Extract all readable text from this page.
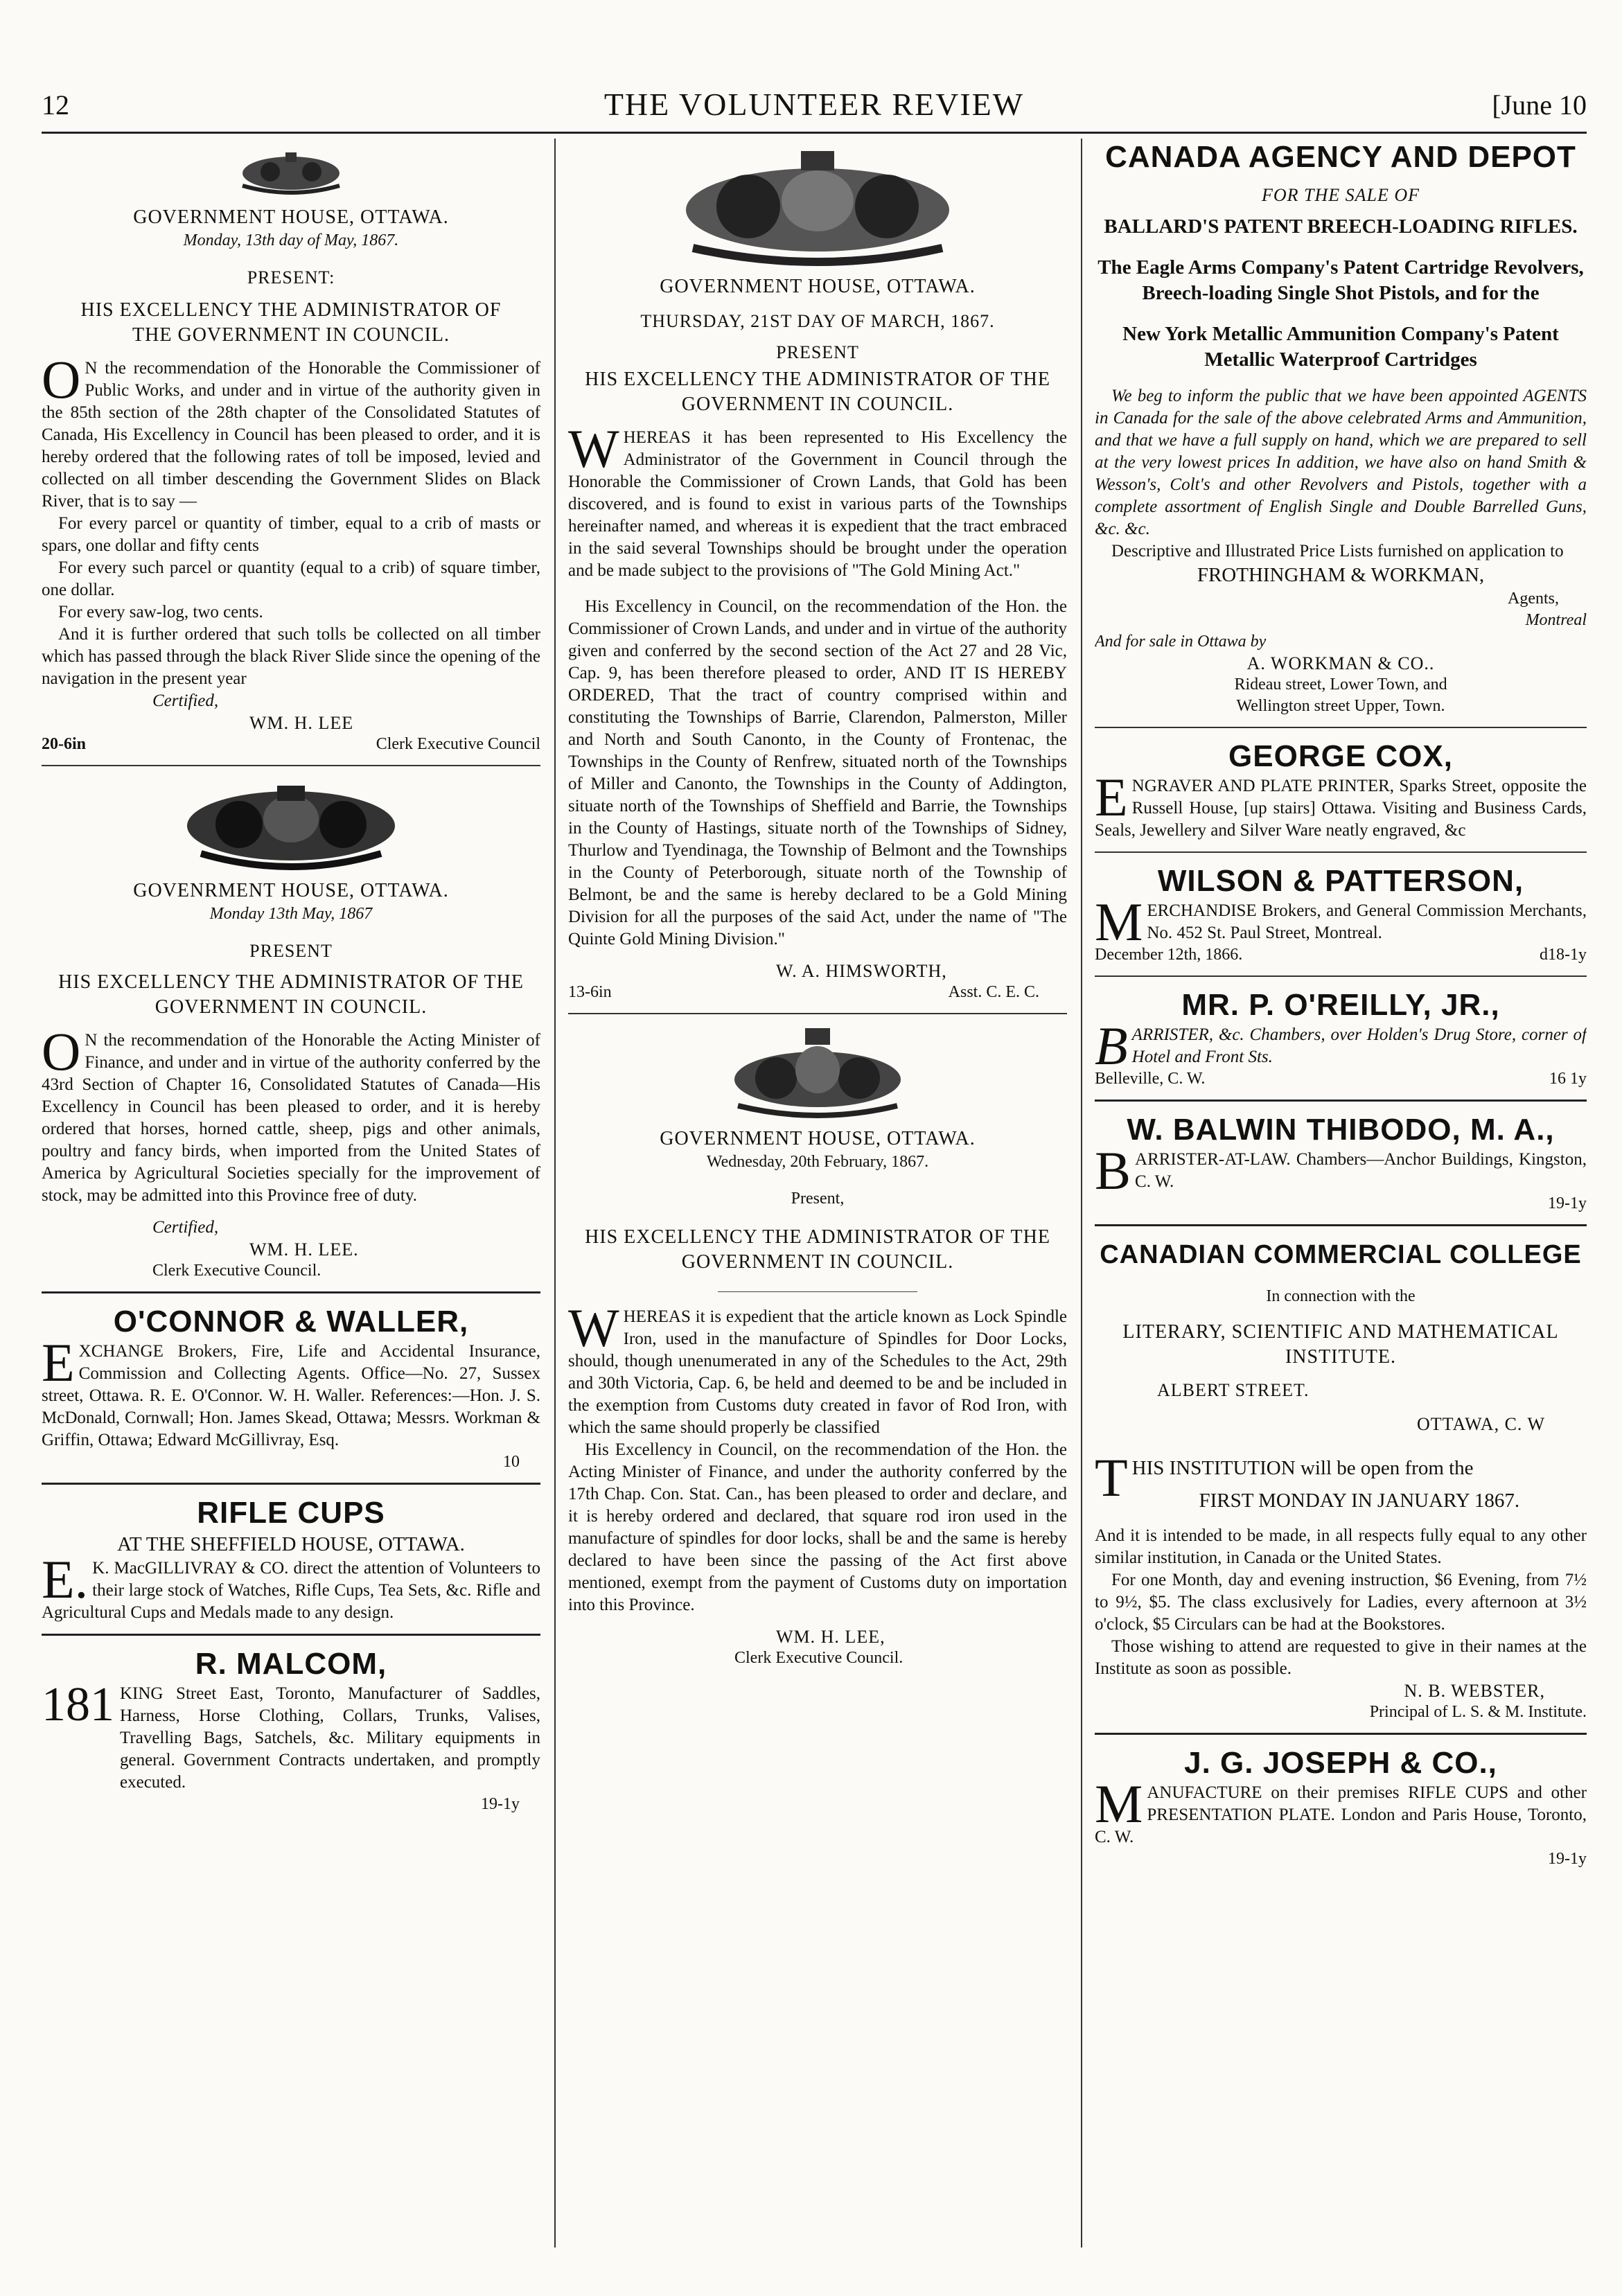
12	THE VOLUNTEER REVIEW	[June 10

GOVERNMENT HOUSE, OTTAWA.

Monday, 13th day of May, 1867.

PRESENT:

HIS EXCELLENCY THE ADMINISTRATOR OF THE GOVERNMENT IN COUNCIL.

ON the recommendation of the Honorable the Commissioner of Public Works, and under and in virtue of the authority given in the 85th section of the 28th chapter of the Consolidated Statutes of Canada, His Excellency in Council has been pleased to order, and it is hereby ordered that the following rates of toll be imposed, levied and collected on all timber descending the Government Slides on Black River, that is to say —

For every parcel or quantity of timber, equal to a crib of masts or spars, one dollar and fifty cents

For every such parcel or quantity (equal to a crib) of square timber, one dollar.

For every saw-log, two cents.

And it is further ordered that such tolls be collected on all timber which has passed through the black River Slide since the opening of the navigation in the present year

Certified,

WM. H. LEE

20-6in	Clerk Executive Council

GOVENRMENT HOUSE, OTTAWA.

Monday 13th May, 1867

PRESENT

HIS EXCELLENCY THE ADMINISTRATOR OF THE GOVERNMENT IN COUNCIL.

ON the recommendation of the Honorable the Acting Minister of Finance, and under and in virtue of the authority conferred by the 43rd Section of Chapter 16, Consolidated Statutes of Canada—His Excellency in Council has been pleased to order, and it is hereby ordered that horses, horned cattle, sheep, pigs and other animals, poultry and fancy birds, when imported from the United States of America by Agricultural Societies specially for the improvement of stock, may be admitted into this Province free of duty.

Certified,

WM. H. LEE.

Clerk Executive Council.

O'CONNOR & WALLER,

EXCHANGE Brokers, Fire, Life and Accidental Insurance, Commission and Collecting Agents. Office—No. 27, Sussex street, Ottawa. R. E. O'Connor. W. H. Waller. References:—Hon. J. S. McDonald, Cornwall; Hon. James Skead, Ottawa; Messrs. Workman & Griffin, Ottawa; Edward McGillivray, Esq.

10

RIFLE CUPS

AT THE SHEFFIELD HOUSE, OTTAWA.

E.K. MacGILLIVRAY & CO. direct the attention of Volunteers to their large stock of Watches, Rifle Cups, Tea Sets, &c. Rifle and Agricultural Cups and Medals made to any design.

R. MALCOM,

181 KING Street East, Toronto, Manufacturer of Saddles, Harness, Horse Clothing, Collars, Trunks, Valises, Travelling Bags, Satchels, &c. Military equipments in general. Government Contracts undertaken, and promptly executed.

19-1y

GOVERNMENT HOUSE, OTTAWA.

THURSDAY, 21ST DAY OF MARCH, 1867.

PRESENT

HIS EXCELLENCY THE ADMINISTRATOR OF THE GOVERNMENT IN COUNCIL.

WHEREAS it has been represented to His Excellency the Administrator of the Government in Council through the Honorable the Commissioner of Crown Lands, that Gold has been discovered, and is found to exist in various parts of the Townships hereinafter named, and whereas it is expedient that the tract embraced in the said several Townships should be brought under the operation and be made subject to the provisions of "The Gold Mining Act."

His Excellency in Council, on the recommendation of the Hon. the Commissioner of Crown Lands, and under and in virtue of the authority given and conferred by the second section of the Act 27 and 28 Vic, Cap. 9, has been therefore pleased to order, AND IT IS HEREBY ORDERED, That the tract of country comprised within and constituting the Townships of Barrie, Clarendon, Palmerston, Miller and North and South Canonto, in the County of Frontenac, the Townships in the County of Renfrew, situated north of the Townships of Miller and Canonto, the Townships in the County of Addington, situate north of the Townships of Sheffield and Barrie, the Townships in the County of Hastings, situate north of the Townships of Sidney, Thurlow and Tyendinaga, the Township of Belmont and the Townships in the County of Peterborough, situate north of the Township of Belmont, be and the same is hereby declared to be a Gold Mining Division for all the purposes of the said Act, under the name of "The Quinte Gold Mining Division."

W. A. HIMSWORTH,

13-6in	Asst. C. E. C.

GOVERNMENT HOUSE, OTTAWA.

Wednesday, 20th February, 1867.

Present,

HIS EXCELLENCY THE ADMINISTRATOR OF THE GOVERNMENT IN COUNCIL.

WHEREAS it is expedient that the article known as Lock Spindle Iron, used in the manufacture of Spindles for Door Locks, should, though unenumerated in any of the Schedules to the Act, 29th and 30th Victoria, Cap. 6, be held and deemed to be and be included in the exemption from Customs duty created in favor of Rod Iron, with which the same should properly be classified

His Excellency in Council, on the recommendation of the Hon. the Acting Minister of Finance, and under the authority conferred by the 17th Chap. Con. Stat. Can., has been pleased to order and declare, and it is hereby ordered and declared, that square rod iron used in the manufacture of spindles for door locks, shall be and the same is hereby declared to have been since the passing of the Act first above mentioned, exempt from the payment of Customs duty on importation into this Province.

WM. H. LEE,

Clerk Executive Council.

CANADA AGENCY AND DEPOT

FOR THE SALE OF

BALLARD'S PATENT BREECH-LOADING RIFLES.

The Eagle Arms Company's Patent Cartridge Revolvers, Breech-loading Single Shot Pistols, and for the

New York Metallic Ammunition Company's Patent Metallic Waterproof Cartridges

We beg to inform the public that we have been appointed AGENTS in Canada for the sale of the above celebrated Arms and Ammunition, and that we have a full supply on hand, which we are prepared to sell at the very lowest prices In addition, we have also on hand Smith & Wesson's, Colt's and other Revolvers and Pistols, together with a complete assortment of English Single and Double Barrelled Guns, &c. &c.

Descriptive and Illustrated Price Lists furnished on application to

FROTHINGHAM & WORKMAN,

Agents,

Montreal

And for sale in Ottawa by

A. WORKMAN & CO..

Rideau street, Lower Town, and

Wellington street Upper, Town.

GEORGE COX,

ENGRAVER AND PLATE PRINTER, Sparks Street, opposite the Russell House, [up stairs] Ottawa. Visiting and Business Cards, Seals, Jewellery and Silver Ware neatly engraved, &c

WILSON & PATTERSON,

MERCHANDISE Brokers, and General Commission Merchants, No. 452 St. Paul Street, Montreal.

December 12th, 1866.	d18-1y

MR. P. O'REILLY, JR.,

BARRISTER, &c. Chambers, over Holden's Drug Store, corner of Hotel and Front Sts.

Belleville, C. W.	16 1y

W. BALWIN THIBODO, M. A.,

BARRISTER-AT-LAW. Chambers—Anchor Buildings, Kingston, C. W.

19-1y

CANADIAN COMMERCIAL COLLEGE

In connection with the

LITERARY, SCIENTIFIC AND MATHEMATICAL INSTITUTE.

ALBERT STREET.

OTTAWA, C. W

THIS INSTITUTION will be open from the

FIRST MONDAY IN JANUARY 1867.

And it is intended to be made, in all respects fully equal to any other similar institution, in Canada or the United States.

For one Month, day and evening instruction, $6 Evening, from 7½ to 9½, $5. The class exclusively for Ladies, every afternoon at 3½ o'clock, $5 Circulars can be had at the Bookstores.

Those wishing to attend are requested to give in their names at the Institute as soon as possible.

N. B. WEBSTER,

Principal of L. S. & M. Institute.

J. G. JOSEPH & CO.,

MANUFACTURE on their premises RIFLE CUPS and other PRESENTATION PLATE. London and Paris House, Toronto, C. W.

19-1y
